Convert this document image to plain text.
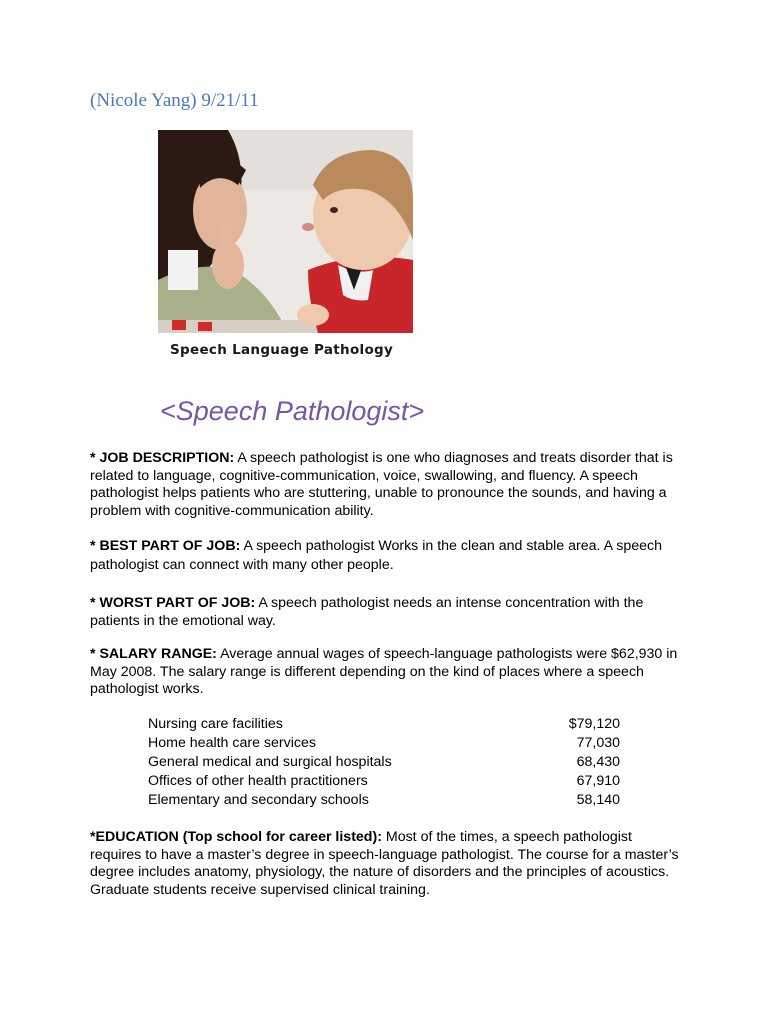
(Nicole Yang) 9/21/11
Speech Language Pathology
<Speech Pathologist>
* JOB DESCRIPTION: A speech pathologist is one who diagnoses and treats disorder that is related to language, cognitive-communication, voice, swallowing, and fluency. A speech pathologist helps patients who are stuttering, unable to pronounce the sounds, and having a problem with cognitive-communication ability.
* BEST PART OF JOB: A speech pathologist Works in the clean and stable area. A speech pathologist can connect with many other people.
* WORST PART OF JOB: A speech pathologist needs an intense concentration with the patients in the emotional way.
* SALARY RANGE: Average annual wages of speech-language pathologists were $62,930 in May 2008. The salary range is different depending on the kind of places where a speech pathologist works.
Nursing care facilities	$79,120
Home health care services	77,030
General medical and surgical hospitals	68,430
Offices of other health practitioners	67,910
Elementary and secondary schools	58,140
*EDUCATION (Top school for career listed): Most of the times, a speech pathologist requires to have a master’s degree in speech-language pathologist. The course for a master’s degree includes anatomy, physiology, the nature of disorders and the principles of acoustics. Graduate students receive supervised clinical training.
